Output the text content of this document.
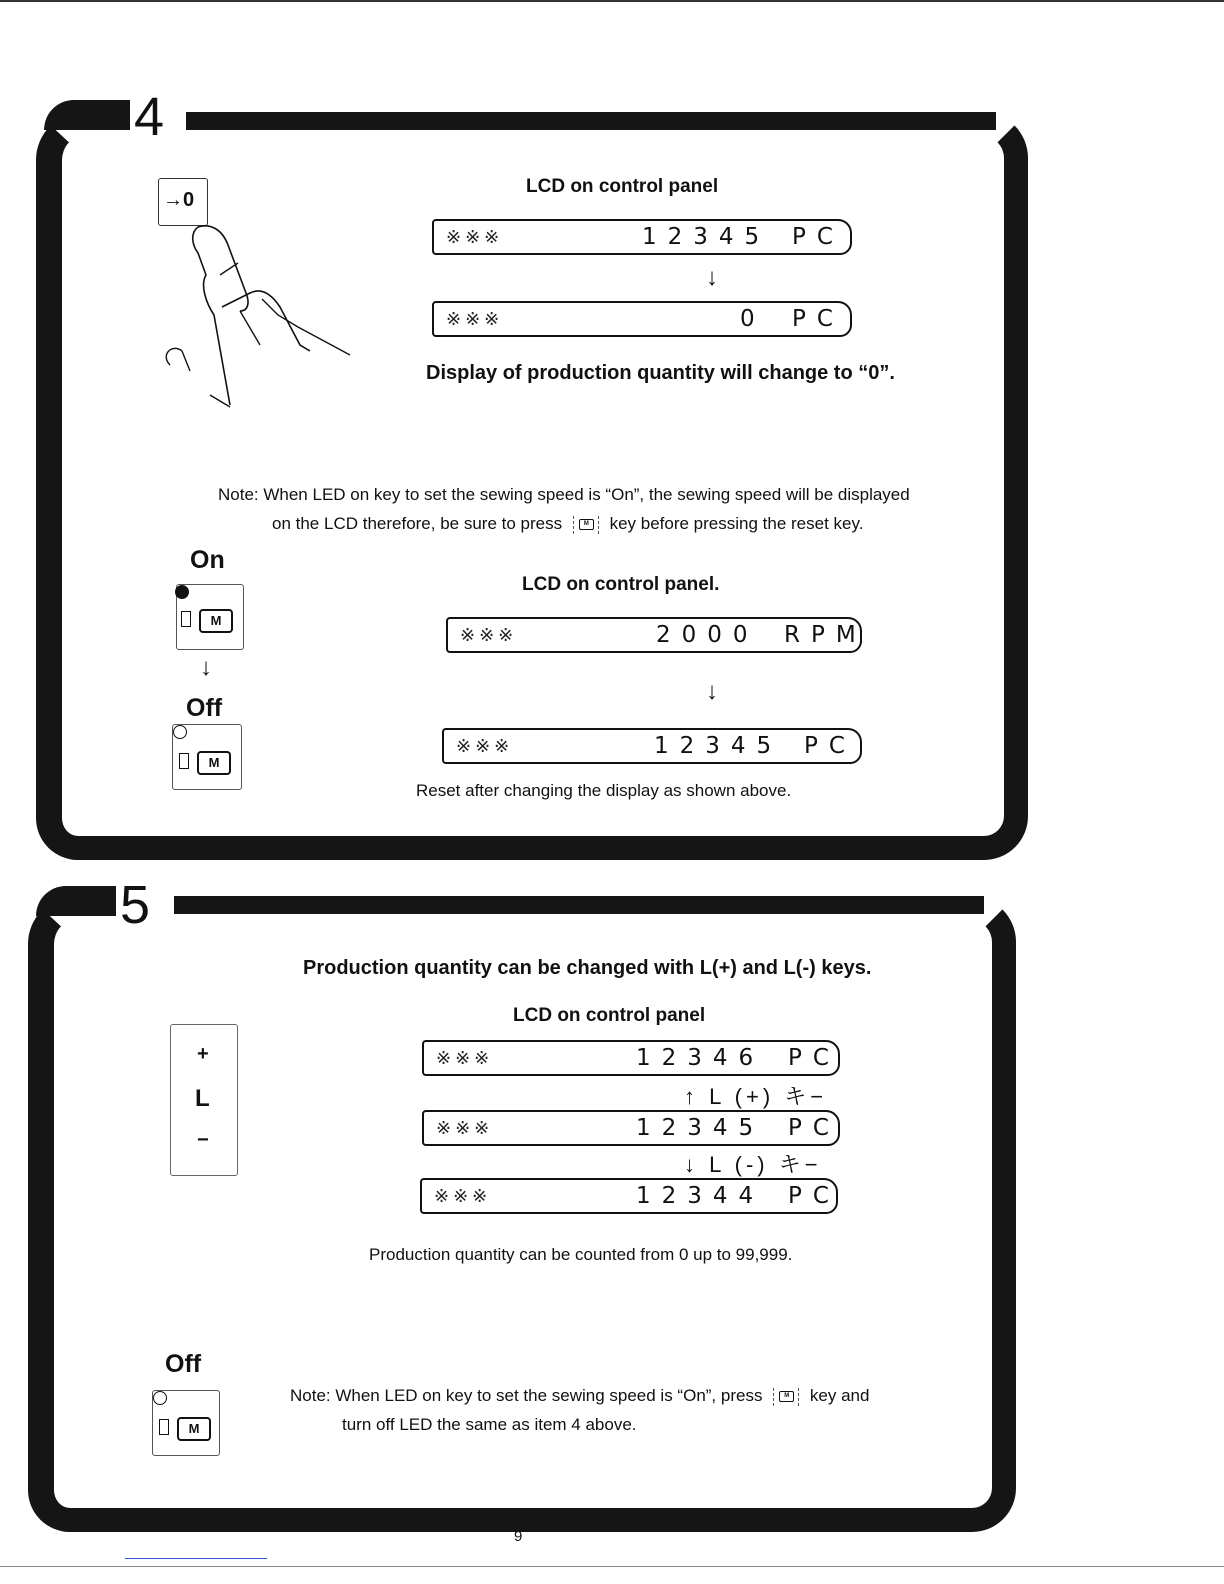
4
→0
LCD on control panel
※※※	12345 PC
↓
※※※	0 PC
Display of production quantity will change to “0”.
Note: When LED on key to set the sewing speed is “On”, the sewing speed will be displayed
on the LCD therefore, be sure to press	M key before pressing the reset key.
On
M
↓
Off
M
LCD on control panel.
※※※	2000 RPM
↓
※※※	12345 PC
Reset after changing the display as shown above.
5
Production quantity can be changed with L(+) and L(-) keys.
LCD on control panel
+
L
−
※※※	12346 PC
↑ L (+) キ−
※※※	12345 PC
↓ L (-) キ−
※※※	12344 PC
Production quantity can be counted from 0 up to 99,999.
Off
M
Note: When LED on key to set the sewing speed is “On”, press	M key and
turn off LED the same as item 4 above.
9
